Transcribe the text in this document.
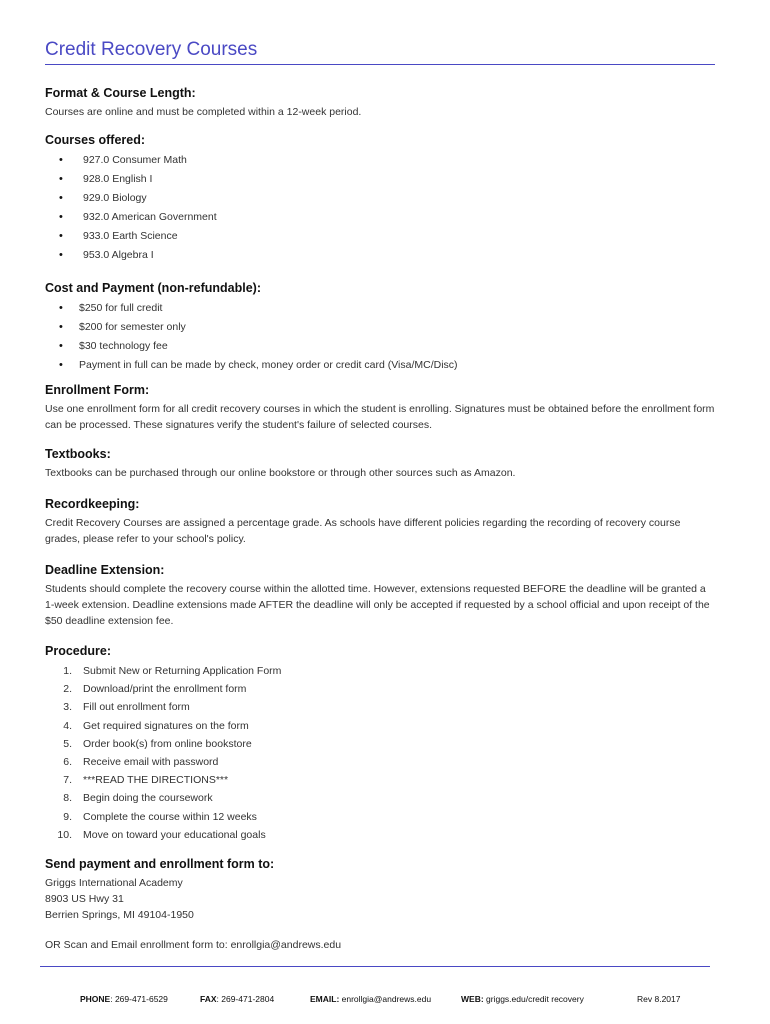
Credit Recovery Courses

Format & Course Length:

Courses are online and must be completed within a 12-week period.

Courses offered:

• 927.0 Consumer Math
• 928.0 English I
• 929.0 Biology
• 932.0 American Government
• 933.0 Earth Science
• 953.0 Algebra I

Cost and Payment (non-refundable):

• $250 for full credit
• $200 for semester only
• $30 technology fee
• Payment in full can be made by check, money order or credit card (Visa/MC/Disc)

Enrollment Form:

Use one enrollment form for all credit recovery courses in which the student is enrolling. Signatures must be obtained before the enrollment form can be processed. These signatures verify the student's failure of selected courses.

Textbooks:

Textbooks can be purchased through our online bookstore or through other sources such as Amazon.

Recordkeeping:

Credit Recovery Courses are assigned a percentage grade. As schools have different policies regarding the recording of recovery course grades, please refer to your school's policy.

Deadline Extension:

Students should complete the recovery course within the allotted time. However, extensions requested BEFORE the deadline will be granted a 1-week extension. Deadline extensions made AFTER the deadline will only be accepted if requested by a school official and upon receipt of the $50 deadline extension fee.

Procedure:

1. Submit New or Returning Application Form
2. Download/print the enrollment form
3. Fill out enrollment form
4. Get required signatures on the form
5. Order book(s) from online bookstore
6. Receive email with password
7. ***READ THE DIRECTIONS***
8. Begin doing the coursework
9. Complete the course within 12 weeks
10. Move on toward your educational goals

Send payment and enrollment form to:

Griggs International Academy

8903 US Hwy 31

Berrien Springs, MI 49104-1950

OR Scan and Email enrollment form to: enrollgia@andrews.edu

PHONE: 269-471-6529	FAX: 269-471-2804	EMAIL: enrollgia@andrews.edu	WEB: griggs.edu/credit recovery	Rev 8.2017
